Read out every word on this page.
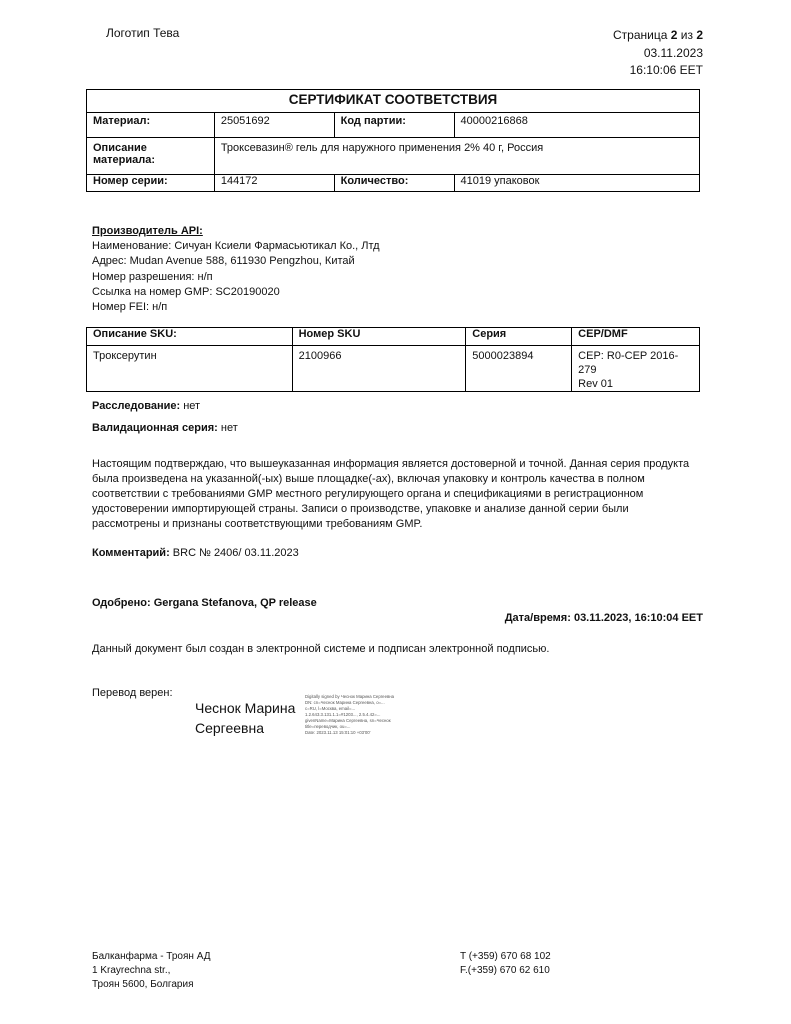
Логотип Тева	Страница 2 из 2
03.11.2023
16:10:06 EET
СЕРТИФИКАТ СООТВЕТСТВИЯ			
Материал:	25051692	Код партии:	40000216868
Описание материала:	Троксевазин® гель для наружного применения 2% 40 г, Россия		
Номер серии:	144172	Количество:	41019 упаковок
Производитель API:
Наименование: Сичуан Ксиели Фармасьютикал Ко., Лтд
Адрес: Mudan Avenue 588, 611930 Pengzhou, Китай
Номер разрешения: н/п
Ссылка на номер GMP: SC20190020
Номер FEI: н/п
Описание SKU:	Номер SKU	Серия	CEP/DMF
Троксерутин	2100966	5000023894	CEP: R0-CEP 2016-279
Rev 01
Расследование: нет
Валидационная серия: нет
Настоящим подтверждаю, что вышеуказанная информация является достоверной и точной. Данная серия продукта была произведена на указанной(-ых) выше площадке(-ах), включая упаковку и контроль качества в полном соответствии с требованиями GMP местного регулирующего органа и спецификациями в регистрационном удостоверении импортирующей страны. Записи о производстве, упаковке и анализе данной серии были рассмотрены и признаны соответствующими требованиям GMP.
Комментарий: BRC № 2406/ 03.11.2023
Одобрено: Gergana Stefanova, QP release
Дата/время: 03.11.2023, 16:10:04 EET
Данный документ был создан в электронной системе и подписан электронной подписью.
Перевод верен:
Чеснок Марина
Сергеевна
Digitally signed by Чеснок Марина Сергеевна
DN: cn=Чеснок Марина Сергеевна, o=...
c=RU, l=Москва, email=...
1.2.643.3.131.1.1=#1203..., 2.5.4.42=...
givenName=Марина Сергеевна, sn=Чеснок
title=переводчик, ou=...
Date: 2023.11.13 15:01:10 +03'00'
Балканфарма - Троян АД
1 Krayrechna str.,
Троян 5600, Болгария
T (+359) 670 68 102
F.(+359) 670 62 610
